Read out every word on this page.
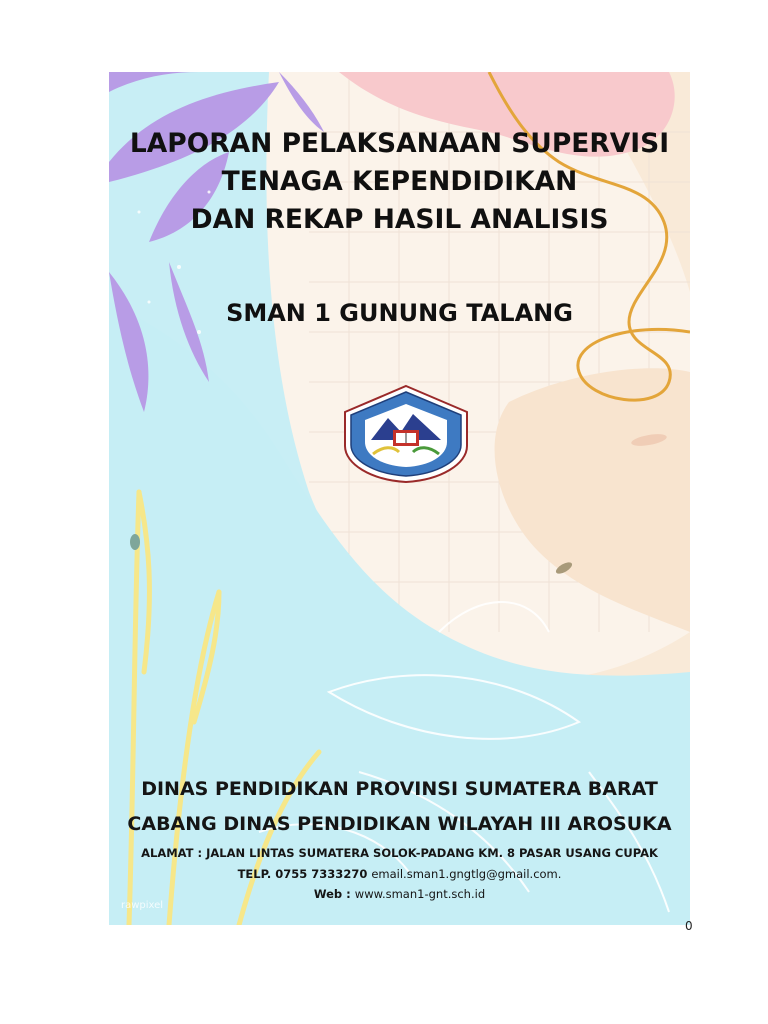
LAPORAN PELAKSANAAN SUPERVISI
TENAGA KEPENDIDIKAN
DAN REKAP HASIL ANALISIS
SMAN 1 GUNUNG TALANG
DINAS PENDIDIKAN PROVINSI SUMATERA BARAT
CABANG DINAS PENDIDIKAN WILAYAH III AROSUKA
ALAMAT : JALAN LINTAS SUMATERA SOLOK-PADANG KM. 8 PASAR USANG CUPAK
TELP. 0755 7333270 email.sman1.gngtlg@gmail.com.
Web : www.sman1-gnt.sch.id
rawpixel
0
